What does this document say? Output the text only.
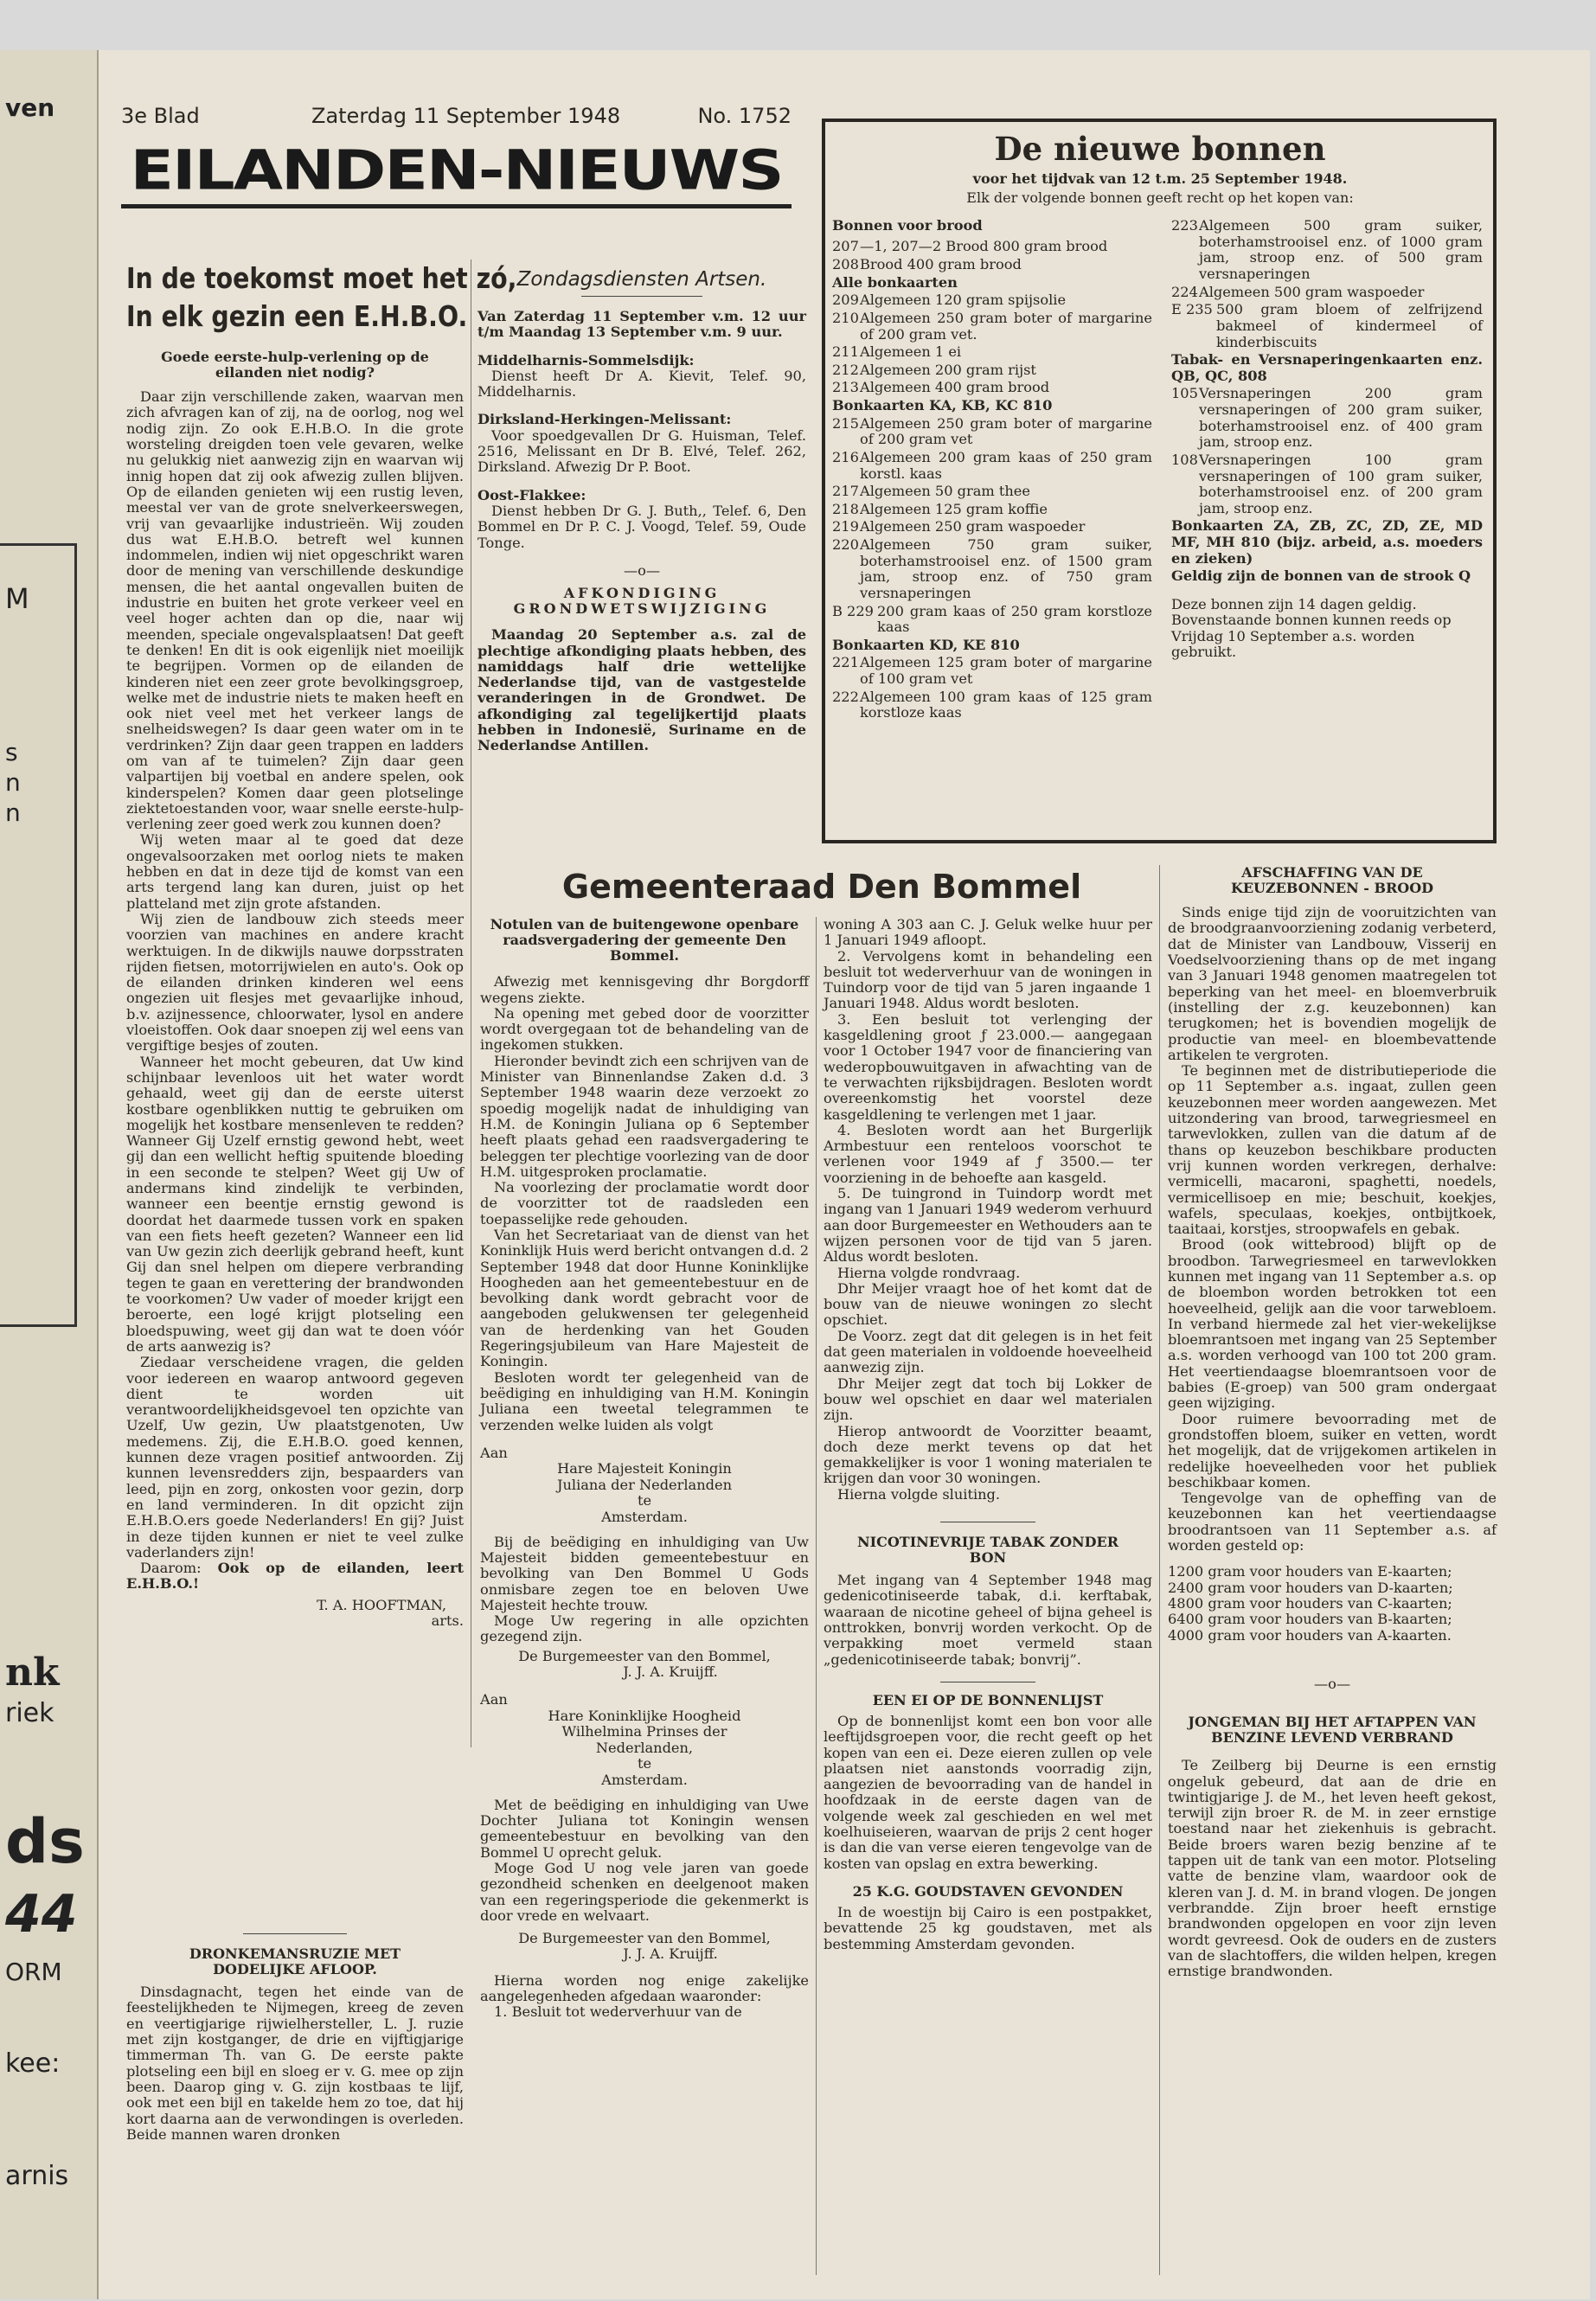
ven
M
s
n
n
nk
riek
ds
44
ORM
kee:
arnis
3e Blad	Zaterdag 11 September 1948	No. 1752
EILANDEN-NIEUWS
In de toekomst moet het zó,
In elk gezin een E.H.B.O.

Goede eerste-hulp-verlening op de eilanden niet nodig?

Daar zijn verschillende zaken, waarvan men zich afvragen kan of zij, na de oorlog, nog wel nodig zijn. Zo ook E.H.B.O. In die grote worsteling dreigden toen vele gevaren, welke nu gelukkig niet aanwezig zijn en waarvan wij innig hopen dat zij ook afwezig zullen blijven. Op de eilanden genieten wij een rustig leven, meestal ver van de grote snelverkeerswegen, vrij van gevaarlijke industrieën. Wij zouden dus wat E.H.B.O. betreft wel kunnen indommelen, indien wij niet opgeschrikt waren door de mening van verschillende deskundige mensen, die het aantal ongevallen buiten de industrie en buiten het grote verkeer veel en veel hoger achten dan op die, naar wij meenden, speciale ongevalsplaatsen! Dat geeft te denken! En dit is ook eigenlijk niet moeilijk te begrijpen. Vormen op de eilanden de kinderen niet een zeer grote bevolkingsgroep, welke met de industrie niets te maken heeft en ook niet veel met het verkeer langs de snelheidswegen? Is daar geen water om in te verdrinken? Zijn daar geen trappen en ladders om van af te tuimelen? Zijn daar geen valpartijen bij voetbal en andere spelen, ook kinderspelen? Komen daar geen plotselinge ziektetoestanden voor, waar snelle eerste-hulp-verlening zeer goed werk zou kunnen doen?

Wij weten maar al te goed dat deze ongevalsoorzaken met oorlog niets te maken hebben en dat in deze tijd de komst van een arts tergend lang kan duren, juist op het platteland met zijn grote afstanden.

Wij zien de landbouw zich steeds meer voorzien van machines en andere kracht werktuigen. In de dikwijls nauwe dorpsstraten rijden fietsen, motorrijwielen en auto's. Ook op de eilanden drinken kinderen wel eens ongezien uit flesjes met gevaarlijke inhoud, b.v. azijnessence, chloorwater, lysol en andere vloeistoffen. Ook daar snoepen zij wel eens van vergiftige besjes of zouten.

Wanneer het mocht gebeuren, dat Uw kind schijnbaar levenloos uit het water wordt gehaald, weet gij dan de eerste uiterst kostbare ogenblikken nuttig te gebruiken om mogelijk het kostbare mensenleven te redden? Wanneer Gij Uzelf ernstig gewond hebt, weet gij dan een wellicht heftig spuitende bloeding in een seconde te stelpen? Weet gij Uw of andermans kind zindelijk te verbinden, wanneer een beentje ernstig gewond is doordat het daarmede tussen vork en spaken van een fiets heeft gezeten? Wanneer een lid van Uw gezin zich deerlijk gebrand heeft, kunt Gij dan snel helpen om diepere verbranding tegen te gaan en verettering der brandwonden te voorkomen? Uw vader of moeder krijgt een beroerte, een logé krijgt plotseling een bloedspuwing, weet gij dan wat te doen vóór de arts aanwezig is?

Ziedaar verscheidene vragen, die gelden voor iedereen en waarop antwoord gegeven dient te worden uit verantwoordelijkheidsgevoel ten opzichte van Uzelf, Uw gezin, Uw plaatstgenoten, Uw medemens. Zij, die E.H.B.O. goed kennen, kunnen deze vragen positief antwoorden. Zij kunnen levensredders zijn, bespaarders van leed, pijn en zorg, onkosten voor gezin, dorp en land verminderen. In dit opzicht zijn E.H.B.O.ers goede Nederlanders! En gij? Juist in deze tijden kunnen er niet te veel zulke vaderlanders zijn!

Daarom: Ook op de eilanden, leert E.H.B.O.!

T. A. HOOFTMAN,
arts.

DRONKEMANSRUZIE MET DODELIJKE AFLOOP.

Dinsdagnacht, tegen het einde van de feestelijkheden te Nijmegen, kreeg de zeven en veertigjarige rijwielhersteller, L. J. ruzie met zijn kostganger, de drie en vijftigjarige timmerman Th. van G. De eerste pakte plotseling een bijl en sloeg er v. G. mee op zijn been. Daarop ging v. G. zijn kostbaas te lijf, ook met een bijl en takelde hem zo toe, dat hij kort daarna aan de verwondingen is overleden. Beide mannen waren dronken

Zondagsdiensten Artsen.

Van Zaterdag 11 September v.m. 12 uur t/m Maandag 13 September v.m. 9 uur.

Middelharnis-Sommelsdijk:

Dienst heeft Dr A. Kievit, Telef. 90, Middelharnis.

Dirksland-Herkingen-Melissant:

Voor spoedgevallen Dr G. Huisman, Telef. 2516, Melissant en Dr B. Elvé, Telef. 262, Dirksland. Afwezig Dr P. Boot.

Oost-Flakkee:

Dienst hebben Dr G. J. Buth,, Telef. 6, Den Bommel en Dr P. C. J. Voogd, Telef. 59, Oude Tonge.

—o—

AFKONDIGING GRONDWETSWIJZIGING

Maandag 20 September a.s. zal de plechtige afkondiging plaats hebben, des namiddags half drie wettelijke Nederlandse tijd, van de vastgestelde veranderingen in de Grondwet. De afkondiging zal tegelijkertijd plaats hebben in Indonesië, Suriname en de Nederlandse Antillen.

De nieuwe bonnen
voor het tijdvak van 12 t.m. 25 September 1948.
Elk der volgende bonnen geeft recht op het kopen van:
Bonnen voor brood
207 —1, 207—2 Brood 800 gram brood
208 Brood 400 gram brood
Alle bonkaarten
209 Algemeen 120 gram spijsolie
210 Algemeen 250 gram boter of margarine of 200 gram vet.
211 Algemeen 1 ei
212 Algemeen 200 gram rijst
213 Algemeen 400 gram brood
Bonkaarten KA, KB, KC 810
215 Algemeen 250 gram boter of margarine of 200 gram vet
216 Algemeen 200 gram kaas of 250 gram korstl. kaas
217 Algemeen 50 gram thee
218 Algemeen 125 gram koffie
219 Algemeen 250 gram waspoeder
220 Algemeen 750 gram suiker, boterhamstrooisel enz. of 1500 gram jam, stroop enz. of 750 gram versnaperingen
B 229 200 gram kaas of 250 gram korstloze kaas
Bonkaarten KD, KE 810
221 Algemeen 125 gram boter of margarine of 100 gram vet
222 Algemeen 100 gram kaas of 125 gram korstloze kaas
223 Algemeen 500 gram suiker, boterhamstrooisel enz. of 1000 gram jam, stroop enz. of 500 gram versnaperingen
224 Algemeen 500 gram waspoeder
E 235 500 gram bloem of zelfrijzend bakmeel of kindermeel of kinderbiscuits
Tabak- en Versnaperingenkaarten enz. QB, QC, 808
105 Versnaperingen 200 gram versnaperingen of 200 gram suiker, boterhamstrooisel enz. of 400 gram jam, stroop enz.
108 Versnaperingen 100 gram versnaperingen of 100 gram suiker, boterhamstrooisel enz. of 200 gram jam, stroop enz.
Bonkaarten ZA, ZB, ZC, ZD, ZE, MD MF, MH 810 (bijz. arbeid, a.s. moeders en zieken)
Geldig zijn de bonnen van de strook Q

Deze bonnen zijn 14 dagen geldig. Bovenstaande bonnen kunnen reeds op Vrijdag 10 September a.s. worden gebruikt.

Gemeenteraad Den Bommel

Notulen van de buitengewone openbare raadsvergadering der gemeente Den Bommel.

Afwezig met kennisgeving dhr Borgdorff wegens ziekte.

Na opening met gebed door de voorzitter wordt overgegaan tot de behandeling van de ingekomen stukken.

Hieronder bevindt zich een schrijven van de Minister van Binnenlandse Zaken d.d. 3 September 1948 waarin deze verzoekt zo spoedig mogelijk nadat de inhuldiging van H.M. de Koningin Juliana op 6 September heeft plaats gehad een raadsvergadering te beleggen ter plechtige voorlezing van de door H.M. uitgesproken proclamatie.

Na voorlezing der proclamatie wordt door de voorzitter tot de raadsleden een toepasselijke rede gehouden.

Van het Secretariaat van de dienst van het Koninklijk Huis werd bericht ontvangen d.d. 2 September 1948 dat door Hunne Koninklijke Hoogheden aan het gemeentebestuur en de bevolking dank wordt gebracht voor de aangeboden gelukwensen ter gelegenheid van de herdenking van het Gouden Regeringsjubileum van Hare Majesteit de Koningin.

Besloten wordt ter gelegenheid van de beëdiging en inhuldiging van H.M. Koningin Juliana een tweetal telegrammen te verzenden welke luiden als volgt

Aan

Hare Majesteit Koningin
Juliana der Nederlanden
te
Amsterdam.

Bij de beëdiging en inhuldiging van Uw Majesteit bidden gemeentebestuur en bevolking van Den Bommel U Gods onmisbare zegen toe en beloven Uwe Majesteit hechte trouw.

Moge Uw regering in alle opzichten gezegend zijn.

De Burgemeester van den Bommel,
J. J. A. Kruijff.

Aan

Hare Koninklijke Hoogheid
Wilhelmina Prinses der
Nederlanden,
te
Amsterdam.

Met de beëdiging en inhuldiging van Uwe Dochter Juliana tot Koningin wensen gemeentebestuur en bevolking van den Bommel U oprecht geluk.

Moge God U nog vele jaren van goede gezondheid schenken en deelgenoot maken van een regeringsperiode die gekenmerkt is door vrede en welvaart.

De Burgemeester van den Bommel,
J. J. A. Kruijff.

Hierna worden nog enige zakelijke aangelegenheden afgedaan waaronder:

1. Besluit tot wederverhuur van de

woning A 303 aan C. J. Geluk welke huur per 1 Januari 1949 afloopt.

2. Vervolgens komt in behandeling een besluit tot wederverhuur van de woningen in Tuindorp voor de tijd van 5 jaren ingaande 1 Januari 1948. Aldus wordt besloten.

3. Een besluit tot verlenging der kasgeldlening groot ƒ 23.000.— aangegaan voor 1 October 1947 voor de financiering van wederopbouwuitgaven in afwachting van de te verwachten rijksbijdragen. Besloten wordt overeenkomstig het voorstel deze kasgeldlening te verlengen met 1 jaar.

4. Besloten wordt aan het Burgerlijk Armbestuur een renteloos voorschot te verlenen voor 1949 af ƒ 3500.— ter voorziening in de behoefte aan kasgeld.

5. De tuingrond in Tuindorp wordt met ingang van 1 Januari 1949 wederom verhuurd aan door Burgemeester en Wethouders aan te wijzen personen voor de tijd van 5 jaren. Aldus wordt besloten.

Hierna volgde rondvraag.

Dhr Meijer vraagt hoe of het komt dat de bouw van de nieuwe woningen zo slecht opschiet.

De Voorz. zegt dat dit gelegen is in het feit dat geen materialen in voldoende hoeveelheid aanwezig zijn.

Dhr Meijer zegt dat toch bij Lokker de bouw wel opschiet en daar wel materialen zijn.

Hierop antwoordt de Voorzitter beaamt, doch deze merkt tevens op dat het gemakkelijker is voor 1 woning materialen te krijgen dan voor 30 woningen.

Hierna volgde sluiting.

NICOTINEVRIJE TABAK ZONDER BON

Met ingang van 4 September 1948 mag gedenicotiniseerde tabak, d.i. kerftabak, waaraan de nicotine geheel of bijna geheel is onttrokken, bonvrij worden verkocht. Op de verpakking moet vermeld staan „gedenicotiniseerde tabak; bonvrij”.

EEN EI OP DE BONNENLIJST

Op de bonnenlijst komt een bon voor alle leeftijdsgroepen voor, die recht geeft op het kopen van een ei. Deze eieren zullen op vele plaatsen niet aanstonds voorradig zijn, aangezien de bevoorrading van de handel in hoofdzaak in de eerste dagen van de volgende week zal geschieden en wel met koelhuiseieren, waarvan de prijs 2 cent hoger is dan die van verse eieren tengevolge van de kosten van opslag en extra bewerking.

25 K.G. GOUDSTAVEN GEVONDEN

In de woestijn bij Cairo is een postpakket, bevattende 25 kg goudstaven, met als bestemming Amsterdam gevonden.

AFSCHAFFING VAN DE KEUZEBONNEN - BROOD

Sinds enige tijd zijn de vooruitzichten van de broodgraanvoorziening zodanig verbeterd, dat de Minister van Landbouw, Visserij en Voedselvoorziening thans op de met ingang van 3 Januari 1948 genomen maatregelen tot beperking van het meel- en bloemverbruik (instelling der z.g. keuzebonnen) kan terugkomen; het is bovendien mogelijk de productie van meel- en bloembevattende artikelen te vergroten.

Te beginnen met de distributieperiode die op 11 September a.s. ingaat, zullen geen keuzebonnen meer worden aangewezen. Met uitzondering van brood, tarwegriesmeel en tarwevlokken, zullen van die datum af de thans op keuzebon beschikbare producten vrij kunnen worden verkregen, derhalve: vermicelli, macaroni, spaghetti, noedels, vermicellisoep en mie; beschuit, koekjes, wafels, speculaas, koekjes, ontbijtkoek, taaitaai, korstjes, stroopwafels en gebak.

Brood (ook wittebrood) blijft op de broodbon. Tarwegriesmeel en tarwevlokken kunnen met ingang van 11 September a.s. op de bloembon worden betrokken tot een hoeveelheid, gelijk aan die voor tarwebloem. In verband hiermede zal het vier-wekelijkse bloemrantsoen met ingang van 25 September a.s. worden verhoogd van 100 tot 200 gram. Het veertiendaagse bloemrantsoen voor de babies (E-groep) van 500 gram ondergaat geen wijziging.

Door ruimere bevoorrading met de grondstoffen bloem, suiker en vetten, wordt het mogelijk, dat de vrijgekomen artikelen in redelijke hoeveelheden voor het publiek beschikbaar komen.

Tengevolge van de opheffing van de keuzebonnen kan het veertiendaagse broodrantsoen van 11 September a.s. af worden gesteld op:

1200 gram voor houders van E-kaarten;
2400 gram voor houders van D-kaarten;
4800 gram voor houders van C-kaarten;
6400 gram voor houders van B-kaarten;
4000 gram voor houders van A-kaarten.
—o—

JONGEMAN BIJ HET AFTAPPEN VAN BENZINE LEVEND VERBRAND

Te Zeilberg bij Deurne is een ernstig ongeluk gebeurd, dat aan de drie en twintigjarige J. de M., het leven heeft gekost, terwijl zijn broer R. de M. in zeer ernstige toestand naar het ziekenhuis is gebracht. Beide broers waren bezig benzine af te tappen uit de tank van een motor. Plotseling vatte de benzine vlam, waardoor ook de kleren van J. d. M. in brand vlogen. De jongen verbrandde. Zijn broer heeft ernstige brandwonden opgelopen en voor zijn leven wordt gevreesd. Ook de ouders en de zusters van de slachtoffers, die wilden helpen, kregen ernstige brandwonden.
